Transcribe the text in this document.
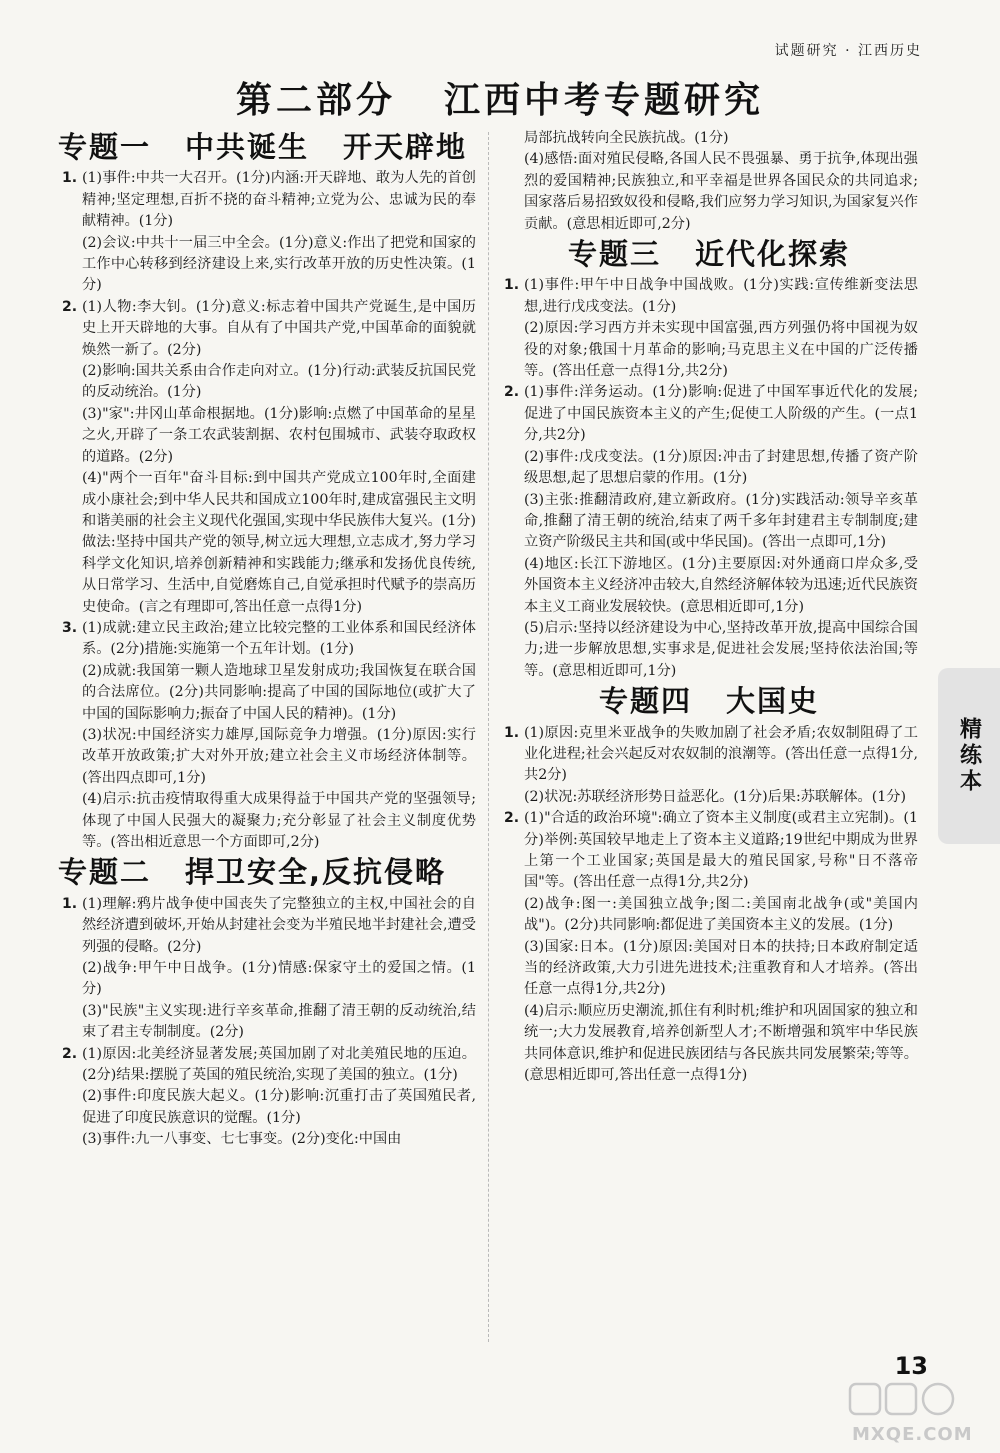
试题研究 · 江西历史
第二部分 江西中考专题研究
专题一 中共诞生 开天辟地
1. (1)事件:中共一大召开。(1分)内涵:开天辟地、敢为人先的首创精神;坚定理想,百折不挠的奋斗精神;立党为公、忠诚为民的奉献精神。(1分)

(2)会议:中共十一届三中全会。(1分)意义:作出了把党和国家的工作中心转移到经济建设上来,实行改革开放的历史性决策。(1分)

2. (1)人物:李大钊。(1分)意义:标志着中国共产党诞生,是中国历史上开天辟地的大事。自从有了中国共产党,中国革命的面貌就焕然一新了。(2分)

(2)影响:国共关系由合作走向对立。(1分)行动:武装反抗国民党的反动统治。(1分)

(3)"家":井冈山革命根据地。(1分)影响:点燃了中国革命的星星之火,开辟了一条工农武装割据、农村包围城市、武装夺取政权的道路。(2分)

(4)"两个一百年"奋斗目标:到中国共产党成立100年时,全面建成小康社会;到中华人民共和国成立100年时,建成富强民主文明和谐美丽的社会主义现代化强国,实现中华民族伟大复兴。(1分)做法:坚持中国共产党的领导,树立远大理想,立志成才,努力学习科学文化知识,培养创新精神和实践能力;继承和发扬优良传统,从日常学习、生活中,自觉磨炼自己,自觉承担时代赋予的崇高历史使命。(言之有理即可,答出任意一点得1分)

3. (1)成就:建立民主政治;建立比较完整的工业体系和国民经济体系。(2分)措施:实施第一个五年计划。(1分)

(2)成就:我国第一颗人造地球卫星发射成功;我国恢复在联合国的合法席位。(2分)共同影响:提高了中国的国际地位(或扩大了中国的国际影响力;振奋了中国人民的精神)。(1分)

(3)状况:中国经济实力雄厚,国际竞争力增强。(1分)原因:实行改革开放政策;扩大对外开放;建立社会主义市场经济体制等。(答出四点即可,1分)

(4)启示:抗击疫情取得重大成果得益于中国共产党的坚强领导;体现了中国人民强大的凝聚力;充分彰显了社会主义制度优势等。(答出相近意思一个方面即可,2分)

专题二 捍卫安全,反抗侵略
1. (1)理解:鸦片战争使中国丧失了完整独立的主权,中国社会的自然经济遭到破坏,开始从封建社会变为半殖民地半封建社会,遭受列强的侵略。(2分)

(2)战争:甲午中日战争。(1分)情感:保家守土的爱国之情。(1分)

(3)"民族"主义实现:进行辛亥革命,推翻了清王朝的反动统治,结束了君主专制制度。(2分)

2. (1)原因:北美经济显著发展;英国加剧了对北美殖民地的压迫。(2分)结果:摆脱了英国的殖民统治,实现了美国的独立。(1分)

(2)事件:印度民族大起义。(1分)影响:沉重打击了英国殖民者,促进了印度民族意识的觉醒。(1分)

(3)事件:九一八事变、七七事变。(2分)变化:中国由

局部抗战转向全民族抗战。(1分)

(4)感悟:面对殖民侵略,各国人民不畏强暴、勇于抗争,体现出强烈的爱国精神;民族独立,和平幸福是世界各国民众的共同追求;国家落后易招致奴役和侵略,我们应努力学习知识,为国家复兴作贡献。(意思相近即可,2分)

专题三 近代化探索
1. (1)事件:甲午中日战争中国战败。(1分)实践:宣传维新变法思想,进行戊戌变法。(1分)

(2)原因:学习西方并未实现中国富强,西方列强仍将中国视为奴役的对象;俄国十月革命的影响;马克思主义在中国的广泛传播等。(答出任意一点得1分,共2分)

2. (1)事件:洋务运动。(1分)影响:促进了中国军事近代化的发展;促进了中国民族资本主义的产生;促使工人阶级的产生。(一点1分,共2分)

(2)事件:戊戌变法。(1分)原因:冲击了封建思想,传播了资产阶级思想,起了思想启蒙的作用。(1分)

(3)主张:推翻清政府,建立新政府。(1分)实践活动:领导辛亥革命,推翻了清王朝的统治,结束了两千多年封建君主专制制度;建立资产阶级民主共和国(或中华民国)。(答出一点即可,1分)

(4)地区:长江下游地区。(1分)主要原因:对外通商口岸众多,受外国资本主义经济冲击较大,自然经济解体较为迅速;近代民族资本主义工商业发展较快。(意思相近即可,1分)

(5)启示:坚持以经济建设为中心,坚持改革开放,提高中国综合国力;进一步解放思想,实事求是,促进社会发展;坚持依法治国;等等。(意思相近即可,1分)

专题四 大国史
1. (1)原因:克里米亚战争的失败加剧了社会矛盾;农奴制阻碍了工业化进程;社会兴起反对农奴制的浪潮等。(答出任意一点得1分,共2分)

(2)状况:苏联经济形势日益恶化。(1分)后果:苏联解体。(1分)

2. (1)"合适的政治环境":确立了资本主义制度(或君主立宪制)。(1分)举例:英国较早地走上了资本主义道路;19世纪中期成为世界上第一个工业国家;英国是最大的殖民国家,号称"日不落帝国"等。(答出任意一点得1分,共2分)

(2)战争:图一:美国独立战争;图二:美国南北战争(或"美国内战")。(2分)共同影响:都促进了美国资本主义的发展。(1分)

(3)国家:日本。(1分)原因:美国对日本的扶持;日本政府制定适当的经济政策,大力引进先进技术;注重教育和人才培养。(答出任意一点得1分,共2分)

(4)启示:顺应历史潮流,抓住有利时机;维护和巩固国家的独立和统一;大力发展教育,培养创新型人才;不断增强和筑牢中华民族共同体意识,维护和促进民族团结与各民族共同发展繁荣;等等。(意思相近即可,答出任意一点得1分)

精练本
13
MXQE.COM
